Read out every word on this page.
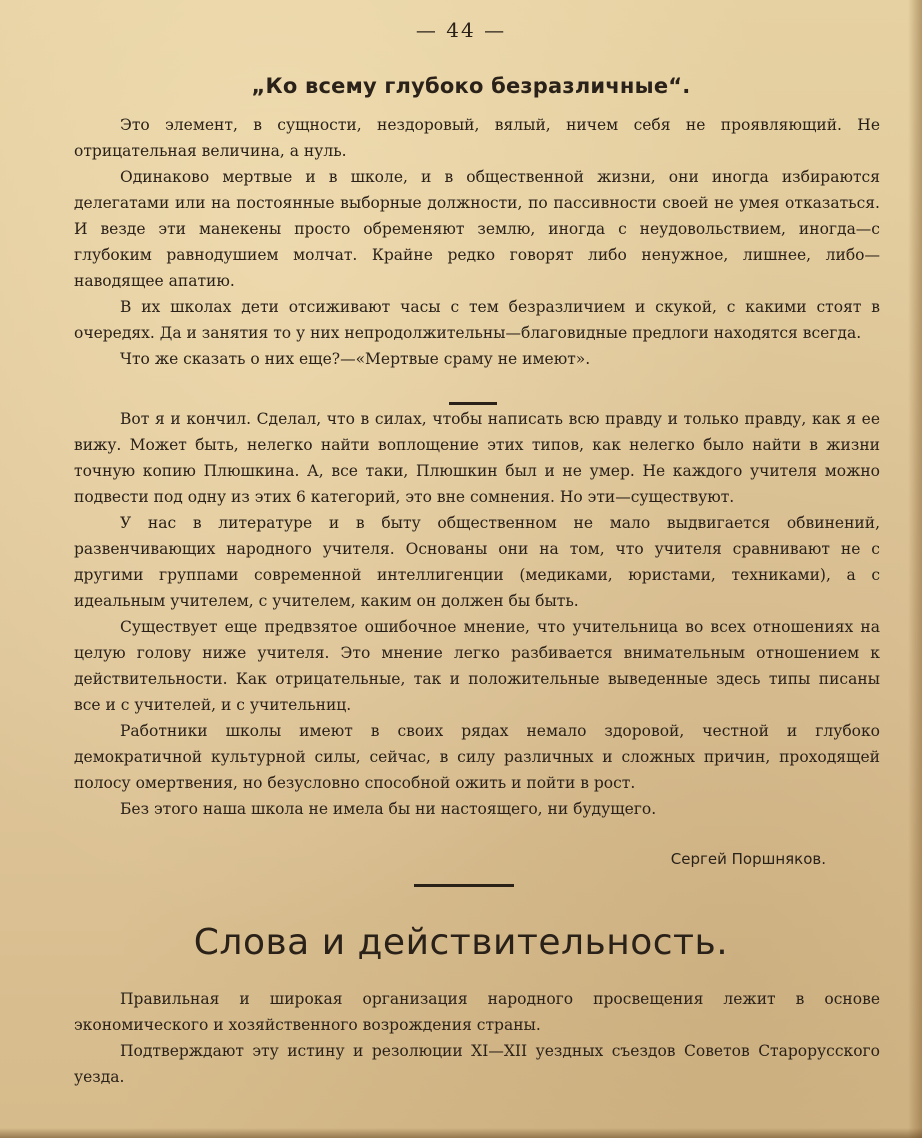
— 44 —
„Ко всему глубоко безразличные“.

Это элемент, в сущности, нездоровый, вялый, ничем себя не проявляющий. Не отрицательная величина, а нуль.

Одинаково мертвые и в школе, и в общественной жизни, они иногда избираются делегатами или на постоянные выборные должности, по пассивности своей не умея отказаться. И везде эти манекены просто обременяют землю, иногда с неудовольствием, иногда—с глубоким равнодушием молчат. Крайне редко говорят либо ненужное, лишнее, либо—наводящее апатию.

В их школах дети отсиживают часы с тем безразличием и скукой, с какими стоят в очередях. Да и занятия то у них непродолжительны—благовидные предлоги находятся всегда.

Что же сказать о них еще?—«Мертвые сраму не имеют».

Вот я и кончил. Сделал, что в силах, чтобы написать всю правду и только правду, как я ее вижу. Может быть, нелегко найти воплощение этих типов, как нелегко было найти в жизни точную копию Плюшкина. А, все таки, Плюшкин был и не умер. Не каждого учителя можно подвести под одну из этих 6 категорий, это вне сомнения. Но эти—существуют.

У нас в литературе и в быту общественном не мало выдвигается обвинений, развенчивающих народного учителя. Основаны они на том, что учителя сравнивают не с другими группами современной интеллигенции (медиками, юристами, техниками), а с идеальным учителем, с учителем, каким он должен бы быть.

Существует еще предвзятое ошибочное мнение, что учительница во всех отношениях на целую голову ниже учителя. Это мнение легко разбивается внимательным отношением к действительности. Как отрицательные, так и положительные выведенные здесь типы писаны все и с учителей, и с учительниц.

Работники школы имеют в своих рядах немало здоровой, честной и глубоко демократичной культурной силы, сейчас, в силу различных и сложных причин, проходящей полосу омертвения, но безусловно способной ожить и пойти в рост.

Без этого наша школа не имела бы ни настоящего, ни будущего.

Сергей Поршняков.
Слова и действительность.

Правильная и широкая организация народного просвещения лежит в основе экономического и хозяйственного возрождения страны.

Подтверждают эту истину и резолюции XI—XII уездных съездов Советов Старорусского уезда.
